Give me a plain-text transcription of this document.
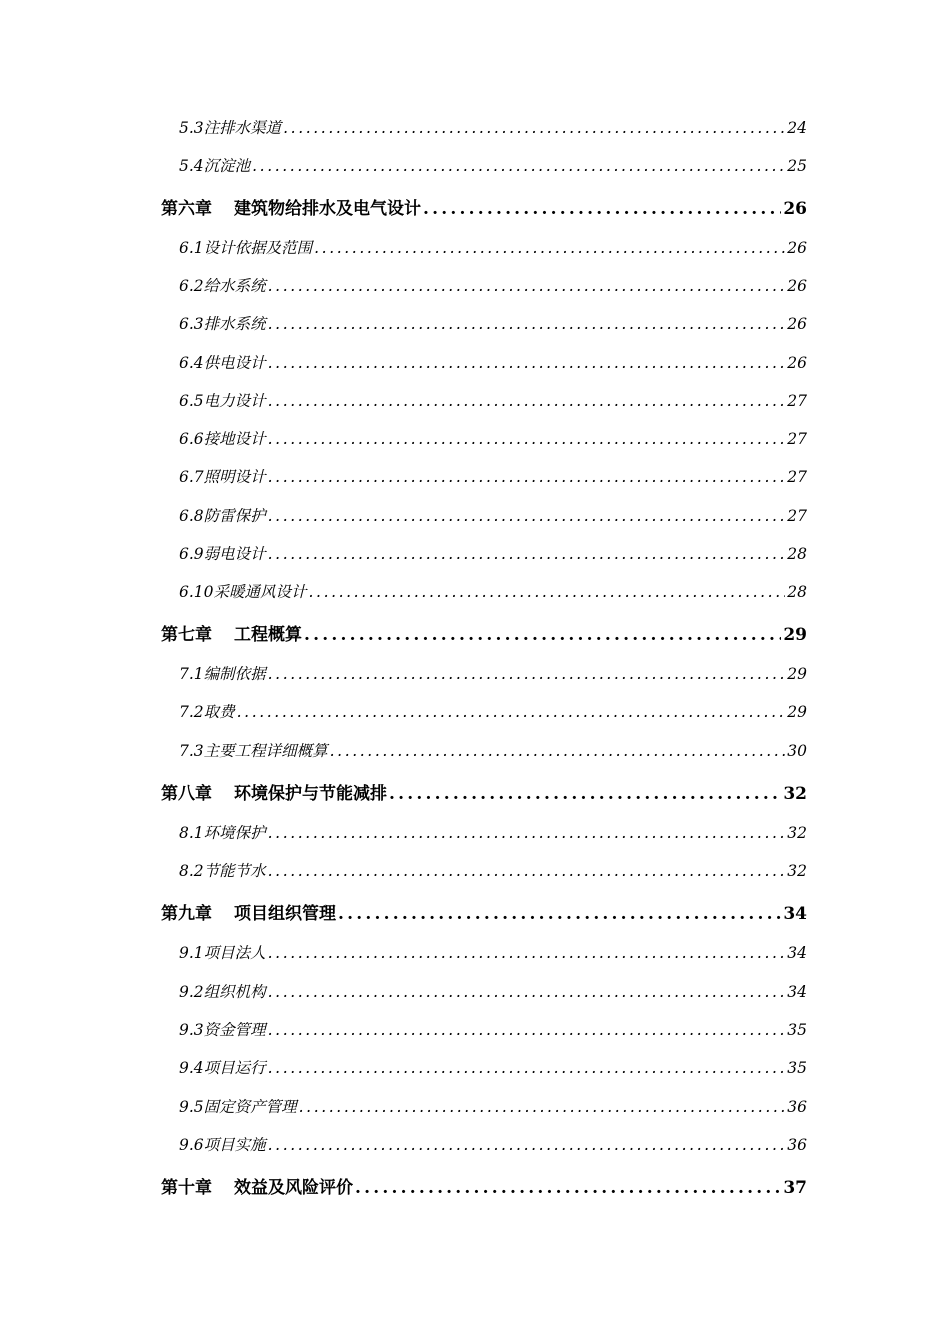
5.3注排水渠道 .....	24
5.4沉淀池 .....	25
第六章 建筑物给排水及电气设计 .....	26
6.1设计依据及范围 .....	26
6.2给水系统 .....	26
6.3排水系统 .....	26
6.4供电设计 .....	26
6.5电力设计 .....	27
6.6接地设计 .....	27
6.7照明设计 .....	27
6.8防雷保护 .....	27
6.9弱电设计 .....	28
6.10采暖通风设计 .....	28
第七章 工程概算 .....	29
7.1编制依据 .....	29
7.2取费 .....	29
7.3主要工程详细概算 .....	30
第八章 环境保护与节能减排 .....	32
8.1环境保护 .....	32
8.2节能节水 .....	32
第九章 项目组织管理 .....	34
9.1项目法人 .....	34
9.2组织机构 .....	34
9.3资金管理 .....	35
9.4项目运行 .....	35
9.5固定资产管理 .....	36
9.6项目实施 .....	36
第十章 效益及风险评价 .....	37
